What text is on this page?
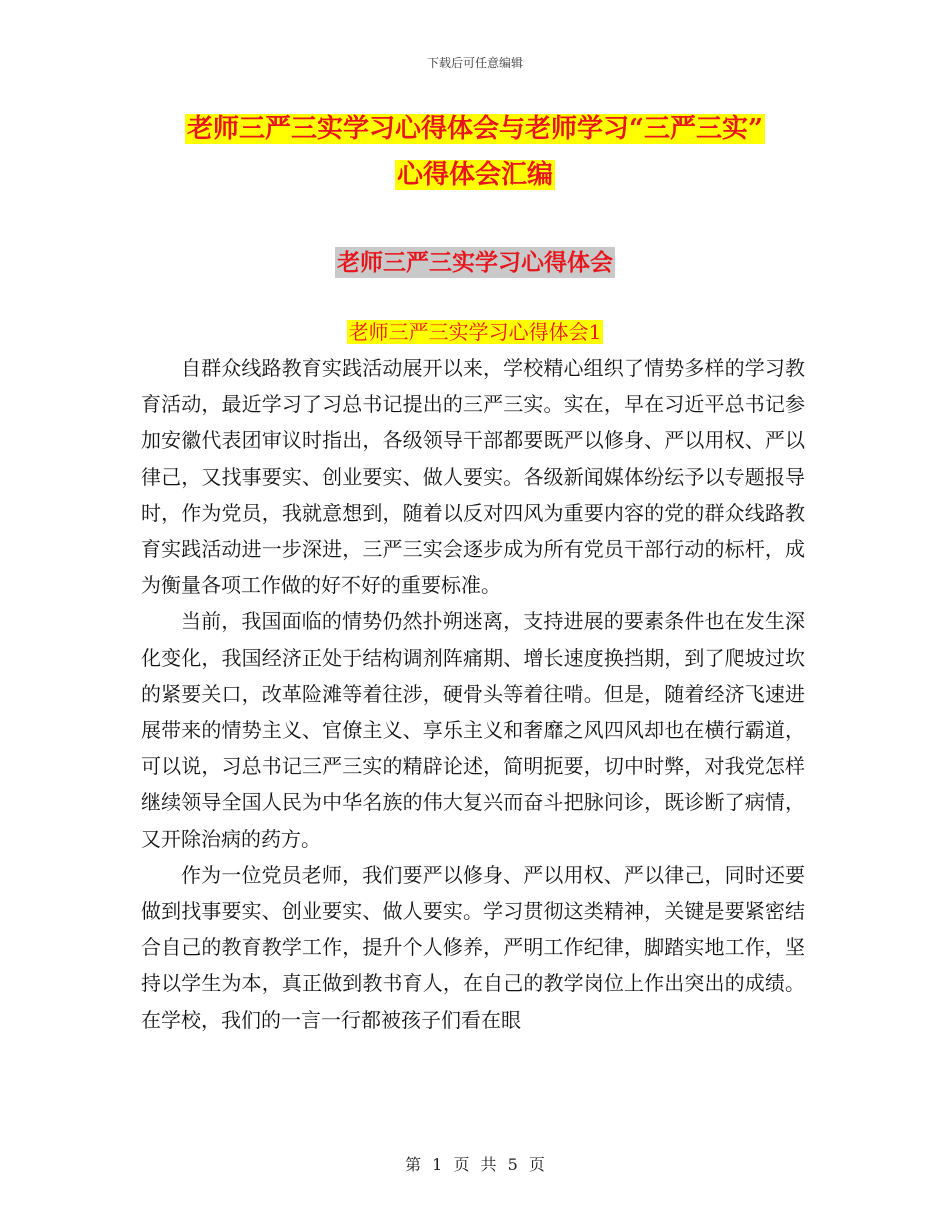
下载后可任意编辑
老师三严三实学习心得体会与老师学习“三严三实”
心得体会汇编
老师三严三实学习心得体会
老师三严三实学习心得体会1

自群众线路教育实践活动展开以来，学校精心组织了情势多样的学习教育活动，最近学习了习总书记提出的三严三实。实在，早在习近平总书记参加安徽代表团审议时指出，各级领导干部都要既严以修身、严以用权、严以律己，又找事要实、创业要实、做人要实。各级新闻媒体纷纭予以专题报导时，作为党员，我就意想到，随着以反对四风为重要内容的党的群众线路教育实践活动进一步深进，三严三实会逐步成为所有党员干部行动的标杆，成为衡量各项工作做的好不好的重要标准。

当前，我国面临的情势仍然扑朔迷离，支持进展的要素条件也在发生深化变化，我国经济正处于结构调剂阵痛期、增长速度换挡期，到了爬坡过坎的紧要关口，改革险滩等着往涉，硬骨头等着往啃。但是，随着经济飞速进展带来的情势主义、官僚主义、享乐主义和奢靡之风四风却也在横行霸道，可以说，习总书记三严三实的精辟论述，简明扼要，切中时弊，对我党怎样继续领导全国人民为中华名族的伟大复兴而奋斗把脉问诊，既诊断了病情，又开除治病的药方。

作为一位党员老师，我们要严以修身、严以用权、严以律己，同时还要做到找事要实、创业要实、做人要实。学习贯彻这类精神，关键是要紧密结合自己的教育教学工作，提升个人修养，严明工作纪律，脚踏实地工作，坚持以学生为本，真正做到教书育人，在自己的教学岗位上作出突出的成绩。在学校，我们的一言一行都被孩子们看在眼

第 1 页 共 5 页
